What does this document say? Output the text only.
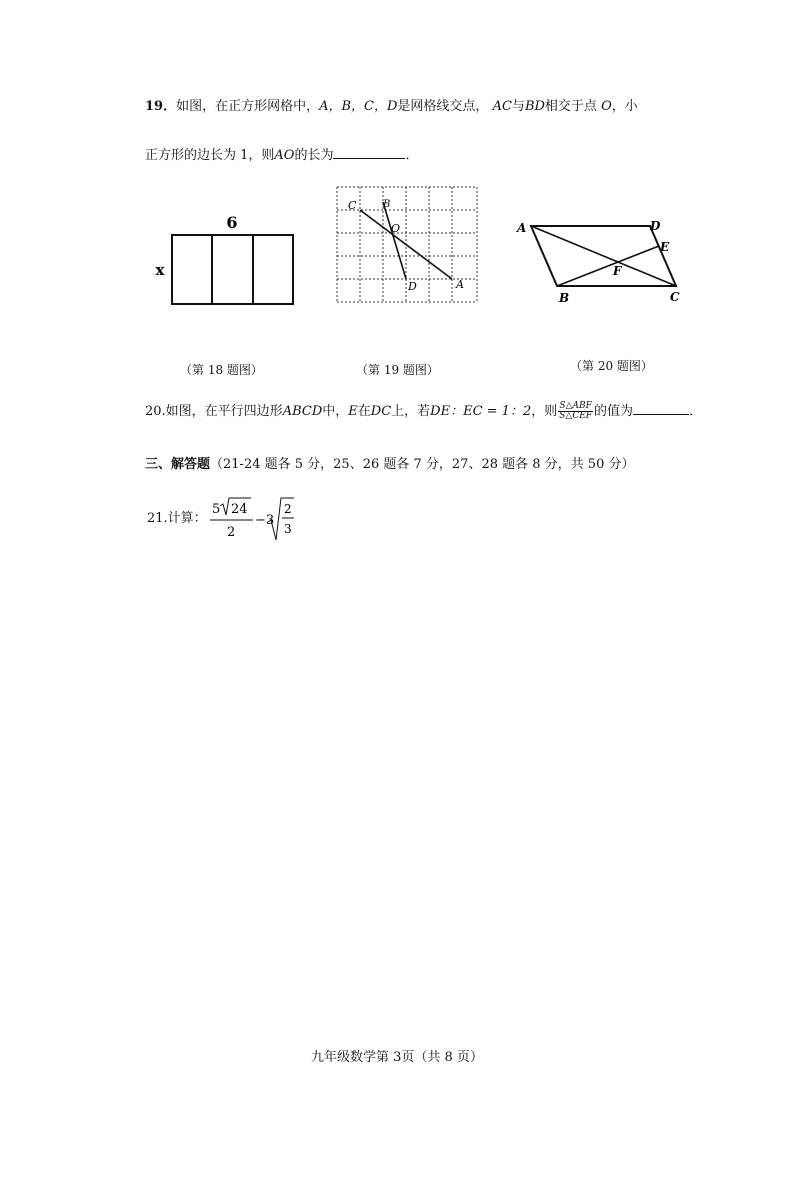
19．如图，在正方形网格中，A，B，C，D是网格线交点， AC与BD相交于点 O，小
正方形的边长为 1，则AO的长为	．
6
x
C	B
O
D	A
A	D
E
F
B	C
（第 18 题图）	（第 19 题图）	（第 20 题图）
20.如图，在平行四边形ABCD中，E在DC上，若DE：EC = 1：2，则 $\frac{\text{S△ABF}}{\text{S△CEF}}$ 的值为	．
三、解答题（21-24 题各 5 分，25、26 题各 7 分，27、28 题各 8 分，共 50 分）
21.计算：
5 24
2
−3
2
3
九年级数学第 3页（共 8 页）
